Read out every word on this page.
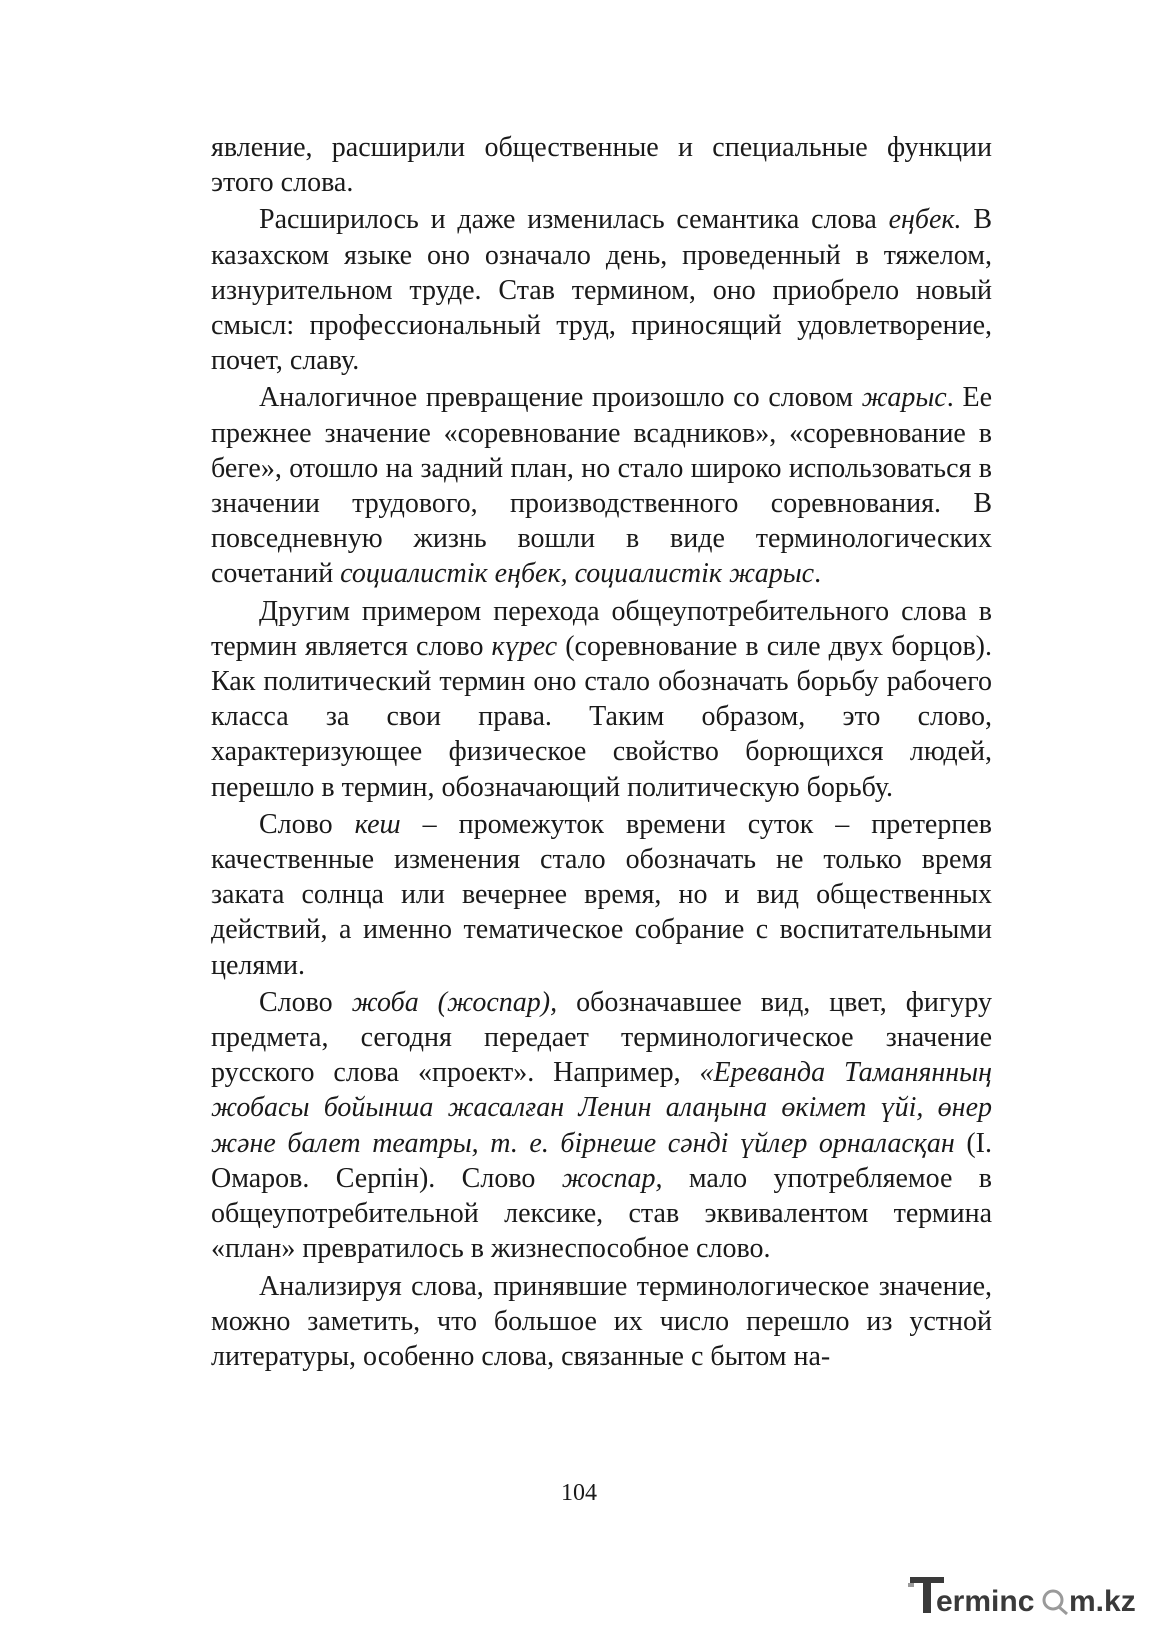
явление, расширили общественные и специальные функции этого слова.

Расширилось и даже изменилась семантика слова еңбек. В казахском языке оно означало день, проведенный в тяжелом, изнурительном труде. Став термином, оно приобрело новый смысл: профессиональный труд, приносящий удовлетворение, почет, славу.

Аналогичное превращение произошло со словом жарыс. Ее прежнее значение «соревнование всадников», «соревнование в беге», отошло на задний план, но стало широко использоваться в значении трудового, производственного соревнования. В повседневную жизнь вошли в виде терминологических сочетаний социалистік еңбек, социалистік жарыс.

Другим примером перехода общеупотребительного слова в термин является слово күрес (соревнование в силе двух борцов). Как политический термин оно стало обозначать борьбу рабочего класса за свои права. Таким образом, это слово, характеризующее физическое свойство борющихся людей, перешло в термин, обозначающий политическую борьбу.

Слово кеш – промежуток времени суток – претерпев качественные изменения стало обозначать не только время заката солнца или вечернее время, но и вид общественных действий, а именно тематическое собрание с воспитательными целями.

Слово жоба (жоспар), обозначавшее вид, цвет, фигуру предмета, сегодня передает терминологическое значение русского слова «проект». Например, «Ереванда Таманянның жобасы бойынша жасалған Ленин алаңына өкімет үйі, өнер және балет театры, т. е. бірнеше сәнді үйлер орналасқан (І. Омаров. Серпін). Слово жоспар, мало употребляемое в общеупотребительной лексике, став эквивалентом термина «план» превратилось в жизнеспособное слово.

Анализируя слова, принявшие терминологическое значение, можно заметить, что большое их число перешло из устной литературы, особенно слова, связанные с бытом на-

104
erminc m.kz
